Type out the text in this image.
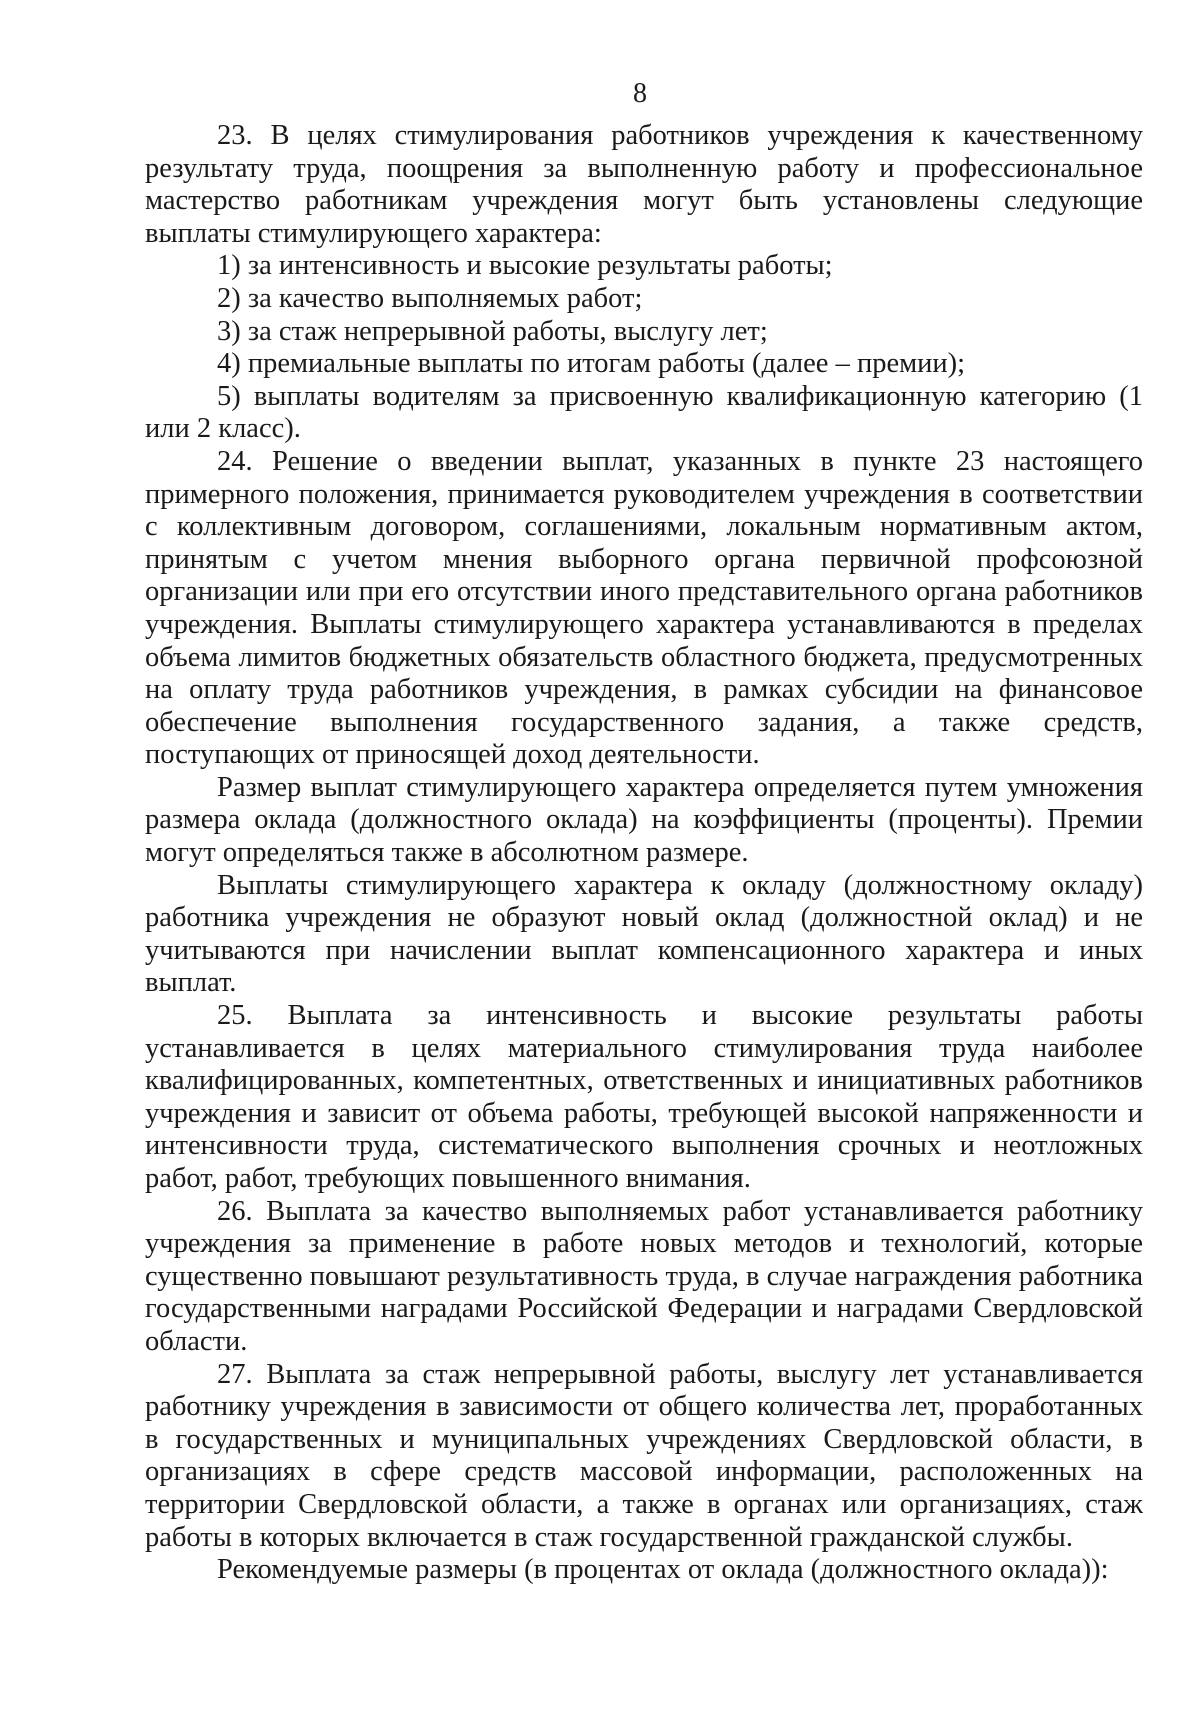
8

23. В целях стимулирования работников учреждения к качественному результату труда, поощрения за выполненную работу и профессиональное мастерство работникам учреждения могут быть установлены следующие выплаты стимулирующего характера:

1) за интенсивность и высокие результаты работы;

2) за качество выполняемых работ;

3) за стаж непрерывной работы, выслугу лет;

4) премиальные выплаты по итогам работы (далее – премии);

5) выплаты водителям за присвоенную квалификационную категорию (1 или 2 класс).

24. Решение о введении выплат, указанных в пункте 23 настоящего примерного положения, принимается руководителем учреждения в соответствии с коллективным договором, соглашениями, локальным нормативным актом, принятым с учетом мнения выборного органа первичной профсоюзной организации или при его отсутствии иного представительного органа работников учреждения. Выплаты стимулирующего характера устанавливаются в пределах объема лимитов бюджетных обязательств областного бюджета, предусмотренных на оплату труда работников учреждения, в рамках субсидии на финансовое обеспечение выполнения государственного задания, а также средств, поступающих от приносящей доход деятельности.

Размер выплат стимулирующего характера определяется путем умножения размера оклада (должностного оклада) на коэффициенты (проценты). Премии могут определяться также в абсолютном размере.

Выплаты стимулирующего характера к окладу (должностному окладу) работника учреждения не образуют новый оклад (должностной оклад) и не учитываются при начислении выплат компенсационного характера и иных выплат.

25. Выплата за интенсивность и высокие результаты работы устанавливается в целях материального стимулирования труда наиболее квалифицированных, компетентных, ответственных и инициативных работников учреждения и зависит от объема работы, требующей высокой напряженности и интенсивности труда, систематического выполнения срочных и неотложных работ, работ, требующих повышенного внимания.

26. Выплата за качество выполняемых работ устанавливается работнику учреждения за применение в работе новых методов и технологий, которые существенно повышают результативность труда, в случае награждения работника государственными наградами Российской Федерации и наградами Свердловской области.

27. Выплата за стаж непрерывной работы, выслугу лет устанавливается работнику учреждения в зависимости от общего количества лет, проработанных в государственных и муниципальных учреждениях Свердловской области, в организациях в сфере средств массовой информации, расположенных на территории Свердловской области, а также в органах или организациях, стаж работы в которых включается в стаж государственной гражданской службы.

Рекомендуемые размеры (в процентах от оклада (должностного оклада)):
